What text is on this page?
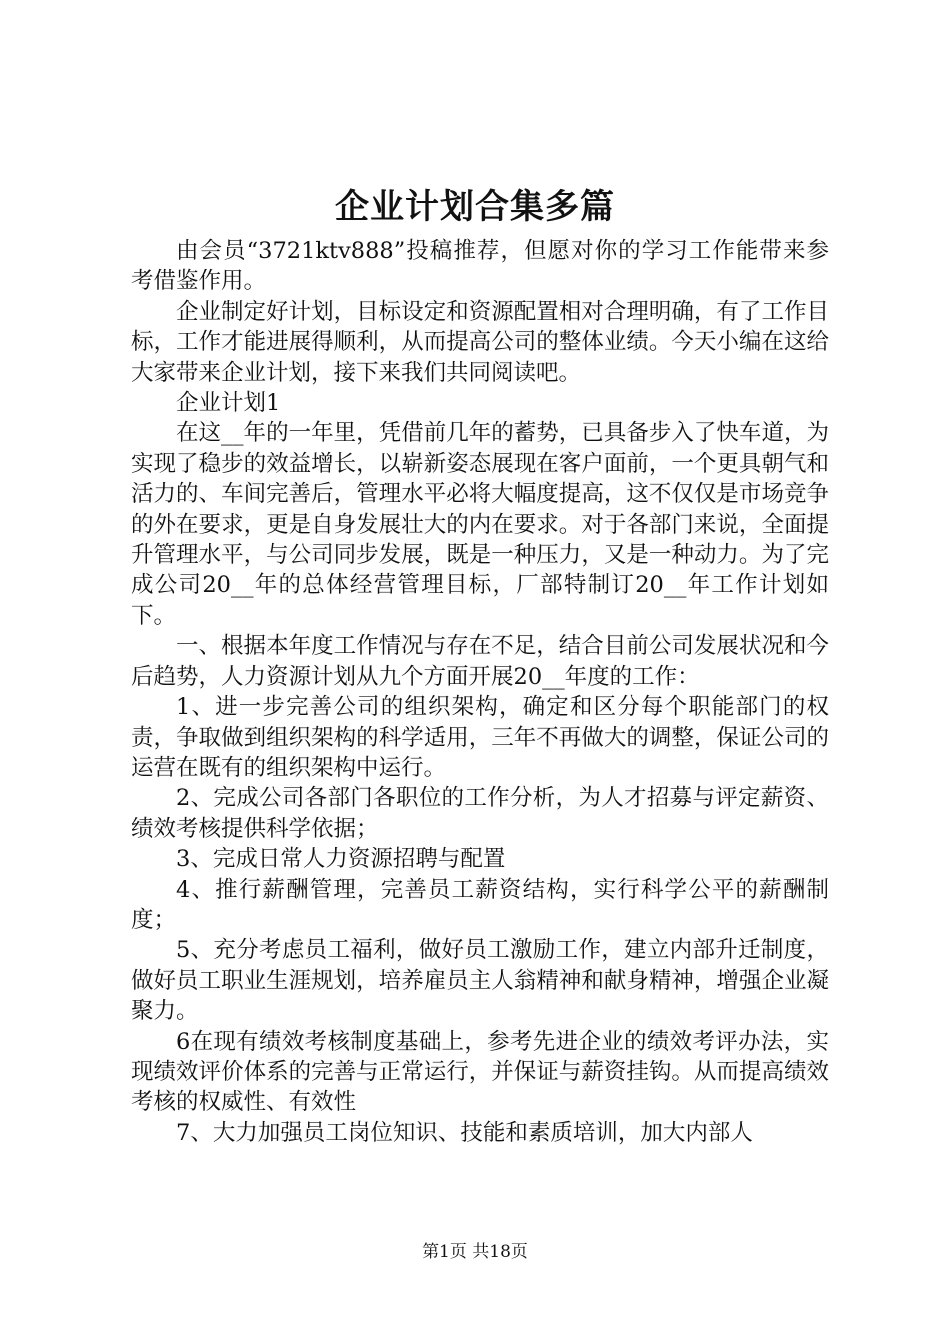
企业计划合集多篇

由会员“3721ktv888”投稿推荐，但愿对你的学习工作能带来参考借鉴作用。

企业制定好计划，目标设定和资源配置相对合理明确，有了工作目标，工作才能进展得顺利，从而提高公司的整体业绩。今天小编在这给大家带来企业计划，接下来我们共同阅读吧。

企业计划1

在这__年的一年里，凭借前几年的蓄势，已具备步入了快车道，为实现了稳步的效益增长，以崭新姿态展现在客户面前，一个更具朝气和活力的、车间完善后，管理水平必将大幅度提高，这不仅仅是市场竞争的外在要求，更是自身发展壮大的内在要求。对于各部门来说，全面提升管理水平，与公司同步发展，既是一种压力，又是一种动力。为了完成公司20__年的总体经营管理目标，厂部特制订20__年工作计划如下。

一、根据本年度工作情况与存在不足，结合目前公司发展状况和今后趋势，人力资源计划从九个方面开展20__年度的工作：

1、进一步完善公司的组织架构，确定和区分每个职能部门的权责，争取做到组织架构的科学适用，三年不再做大的调整，保证公司的运营在既有的组织架构中运行。

2、完成公司各部门各职位的工作分析，为人才招募与评定薪资、绩效考核提供科学依据；

3、完成日常人力资源招聘与配置

4、推行薪酬管理，完善员工薪资结构，实行科学公平的薪酬制度；

5、充分考虑员工福利，做好员工激励工作，建立内部升迁制度，做好员工职业生涯规划，培养雇员主人翁精神和献身精神，增强企业凝聚力。

6在现有绩效考核制度基础上，参考先进企业的绩效考评办法，实现绩效评价体系的完善与正常运行，并保证与薪资挂钩。从而提高绩效考核的权威性、有效性

7、大力加强员工岗位知识、技能和素质培训，加大内部人

第1页 共18页
